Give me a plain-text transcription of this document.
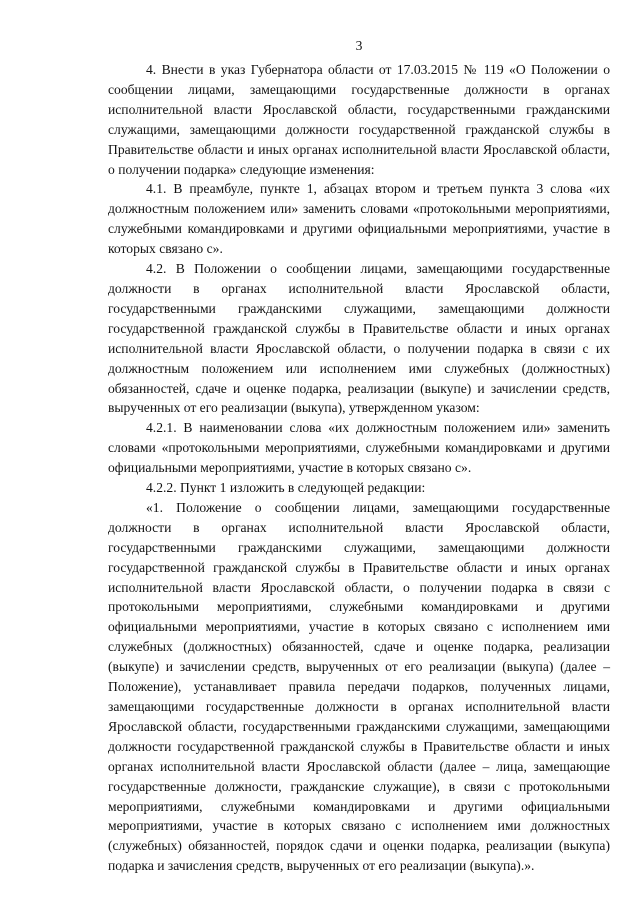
3

4. Внести в указ Губернатора области от 17.03.2015 № 119 «О Положении о сообщении лицами, замещающими государственные должности в органах исполнительной власти Ярославской области, государственными гражданскими служащими, замещающими должности государственной гражданской службы в Правительстве области и иных органах исполнительной власти Ярославской области, о получении подарка» следующие изменения:

4.1. В преамбуле, пункте 1, абзацах втором и третьем пункта 3 слова «их должностным положением или» заменить словами «протокольными мероприятиями, служебными командировками и другими официальными мероприятиями, участие в которых связано с».

4.2. В Положении о сообщении лицами, замещающими государственные должности в органах исполнительной власти Ярославской области, государственными гражданскими служащими, замещающими должности государственной гражданской службы в Правительстве области и иных органах исполнительной власти Ярославской области, о получении подарка в связи с их должностным положением или исполнением ими служебных (должностных) обязанностей, сдаче и оценке подарка, реализации (выкупе) и зачислении средств, вырученных от его реализации (выкупа), утвержденном указом:

4.2.1. В наименовании слова «их должностным положением или» заменить словами «протокольными мероприятиями, служебными командировками и другими официальными мероприятиями, участие в которых связано с».

4.2.2. Пункт 1 изложить в следующей редакции:

«1. Положение о сообщении лицами, замещающими государственные должности в органах исполнительной власти Ярославской области, государственными гражданскими служащими, замещающими должности государственной гражданской службы в Правительстве области и иных органах исполнительной власти Ярославской области, о получении подарка в связи с протокольными мероприятиями, служебными командировками и другими официальными мероприятиями, участие в которых связано с исполнением ими служебных (должностных) обязанностей, сдаче и оценке подарка, реализации (выкупе) и зачислении средств, вырученных от его реализации (выкупа) (далее – Положение), устанавливает правила передачи подарков, полученных лицами, замещающими государственные должности в органах исполнительной власти Ярославской области, государственными гражданскими служащими, замещающими должности государственной гражданской службы в Правительстве области и иных органах исполнительной власти Ярославской области (далее – лица, замещающие государственные должности, гражданские служащие), в связи с протокольными мероприятиями, служебными командировками и другими официальными мероприятиями, участие в которых связано с исполнением ими должностных (служебных) обязанностей, порядок сдачи и оценки подарка, реализации (выкупа) подарка и зачисления средств, вырученных от его реализации (выкупа).».
